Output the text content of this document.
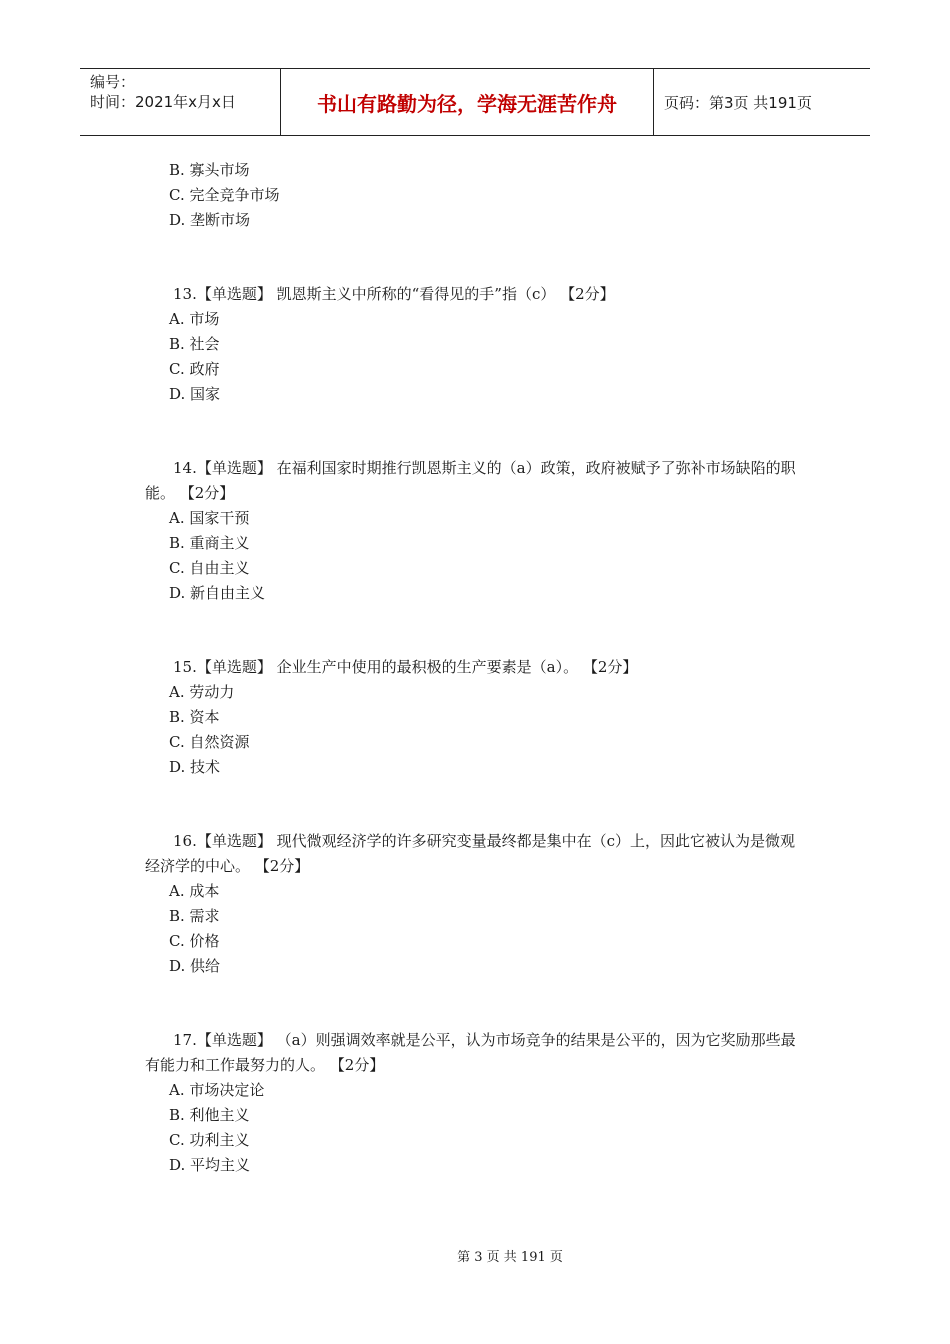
编号：
时间：2021年x月x日	书山有路勤为径，学海无涯苦作舟	页码：第3页 共191页
B. 寡头市场
C. 完全竞争市场
D. 垄断市场
13.【单选题】 凯恩斯主义中所称的“看得见的手”指（c） 【2分】
A. 市场
B. 社会
C. 政府
D. 国家
14.【单选题】 在福利国家时期推行凯恩斯主义的（a）政策，政府被赋予了弥补市场缺陷的职能。 【2分】
A. 国家干预
B. 重商主义
C. 自由主义
D. 新自由主义
15.【单选题】 企业生产中使用的最积极的生产要素是（a）。 【2分】
A. 劳动力
B. 资本
C. 自然资源
D. 技术
16.【单选题】 现代微观经济学的许多研究变量最终都是集中在（c）上，因此它被认为是微观经济学的中心。 【2分】
A. 成本
B. 需求
C. 价格
D. 供给
17.【单选题】 （a）则强调效率就是公平，认为市场竞争的结果是公平的，因为它奖励那些最有能力和工作最努力的人。 【2分】
A. 市场决定论
B. 利他主义
C. 功利主义
D. 平均主义
第 3 页 共 191 页
